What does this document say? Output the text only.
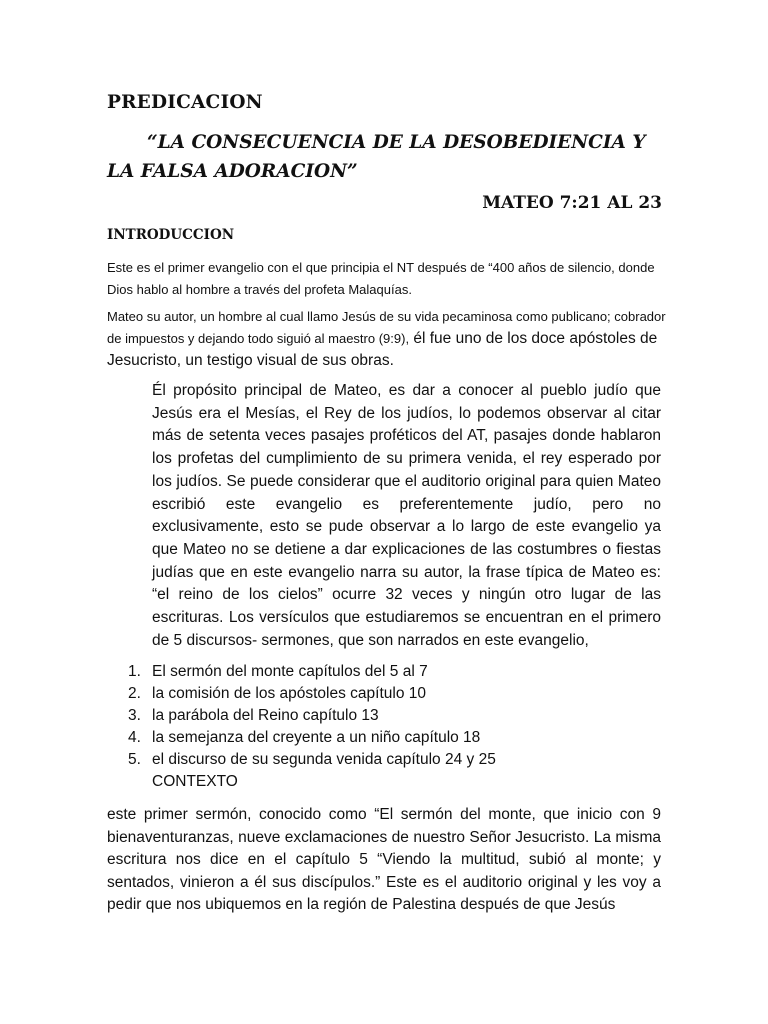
PREDICACION
“LA CONSECUENCIA DE LA DESOBEDIENCIA Y LA FALSA ADORACION”
MATEO 7:21 AL 23
INTRODUCCION

Este es el primer evangelio con el que principia el NT después de “400 años de silencio, donde Dios hablo al hombre a través del profeta Malaquías.

Mateo su autor, un hombre al cual llamo Jesús de su vida pecaminosa como publicano; cobrador de impuestos y dejando todo siguió al maestro (9:9), él fue uno de los doce apóstoles de Jesucristo, un testigo visual de sus obras.

Él propósito principal de Mateo, es dar a conocer al pueblo judío que Jesús era el Mesías, el Rey de los judíos, lo podemos observar al citar más de setenta veces pasajes proféticos del AT, pasajes donde hablaron los profetas del cumplimiento de su primera venida, el rey esperado por los judíos. Se puede considerar que el auditorio original para quien Mateo escribió este evangelio es preferentemente judío, pero no exclusivamente, esto se pude observar a lo largo de este evangelio ya que Mateo no se detiene a dar explicaciones de las costumbres o fiestas judías que en este evangelio narra su autor, la frase típica de Mateo es: “el reino de los cielos” ocurre 32 veces y ningún otro lugar de las escrituras. Los versículos que estudiaremos se encuentran en el primero de 5 discursos- sermones, que son narrados en este evangelio,

1. El sermón del monte capítulos del 5 al 7
2. la comisión de los apóstoles capítulo 10
3. la parábola del Reino capítulo 13
4. la semejanza del creyente a un niño capítulo 18
5. el discurso de su segunda venida capítulo 24 y 25
CONTEXTO

este primer sermón, conocido como “El sermón del monte, que inicio con 9 bienaventuranzas, nueve exclamaciones de nuestro Señor Jesucristo. La misma escritura nos dice en el capítulo 5 “Viendo la multitud, subió al monte; y sentados, vinieron a él sus discípulos.” Este es el auditorio original y les voy a pedir que nos ubiquemos en la región de Palestina después de que Jesús
